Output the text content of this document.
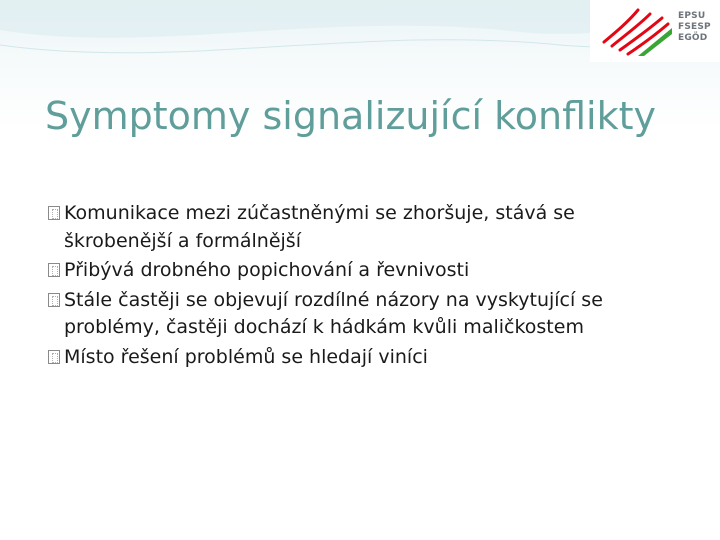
EPSU
FSESP
EGÖD
Symptomy signalizující konflikty
Komunikace mezi zúčastněnými se zhoršuje, stává se škrobenější a formálnější
Přibývá drobného popichování a řevnivosti
Stále častěji se objevují rozdílné názory na vyskytující se problémy, častěji dochází k hádkám kvůli maličkostem
Místo řešení problémů se hledají viníci
